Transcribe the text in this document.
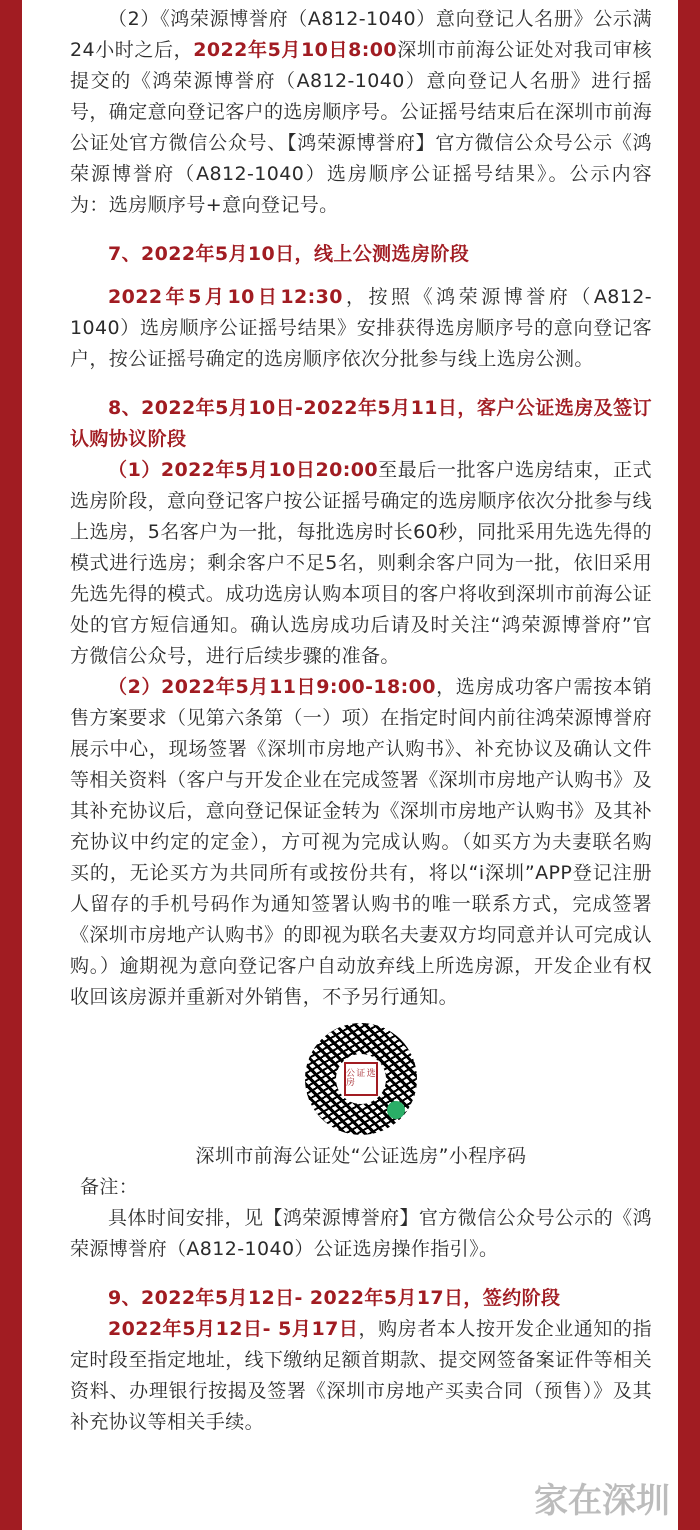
（2）《鸿荣源博誉府（A812-1040）意向登记人名册》公示满24小时之后，2022年5月10日8:00深圳市前海公证处对我司审核提交的《鸿荣源博誉府（A812-1040）意向登记人名册》进行摇号，确定意向登记客户的选房顺序号。公证摇号结束后在深圳市前海公证处官方微信公众号、【鸿荣源博誉府】官方微信公众号公示《鸿荣源博誉府（A812-1040）选房顺序公证摇号结果》。公示内容为：选房顺序号+意向登记号。

7、2022年5月10日，线上公测选房阶段

2022年5月10日12:30，按照《鸿荣源博誉府（A812-1040）选房顺序公证摇号结果》安排获得选房顺序号的意向登记客户，按公证摇号确定的选房顺序依次分批参与线上选房公测。

8、2022年5月10日-2022年5月11日，客户公证选房及签订认购协议阶段

（1）2022年5月10日20:00至最后一批客户选房结束，正式选房阶段，意向登记客户按公证摇号确定的选房顺序依次分批参与线上选房，5名客户为一批，每批选房时长60秒，同批采用先选先得的模式进行选房；剩余客户不足5名，则剩余客户同为一批，依旧采用先选先得的模式。成功选房认购本项目的客户将收到深圳市前海公证处的官方短信通知。确认选房成功后请及时关注“鸿荣源博誉府”官方微信公众号，进行后续步骤的准备。

（2）2022年5月11日9:00-18:00，选房成功客户需按本销售方案要求（见第六条第（一）项）在指定时间内前往鸿荣源博誉府展示中心，现场签署《深圳市房地产认购书》、补充协议及确认文件等相关资料（客户与开发企业在完成签署《深圳市房地产认购书》及其补充协议后，意向登记保证金转为《深圳市房地产认购书》及其补充协议中约定的定金），方可视为完成认购。（如买方为夫妻联名购买的，无论买方为共同所有或按份共有，将以“i深圳”APP登记注册人留存的手机号码作为通知签署认购书的唯一联系方式，完成签署《深圳市房地产认购书》的即视为联名夫妻双方均同意并认可完成认购。）逾期视为意向登记客户自动放弃线上所选房源，开发企业有权收回该房源并重新对外销售，不予另行通知。

公证选房

深圳市前海公证处“公证选房”小程序码

备注：

具体时间安排，见【鸿荣源博誉府】官方微信公众号公示的《鸿荣源博誉府（A812-1040）公证选房操作指引》。

9、2022年5月12日- 2022年5月17日，签约阶段

2022年5月12日- 5月17日，购房者本人按开发企业通知的指定时段至指定地址，线下缴纳足额首期款、提交网签备案证件等相关资料、办理银行按揭及签署《深圳市房地产买卖合同（预售）》及其补充协议等相关手续。

家在深圳
